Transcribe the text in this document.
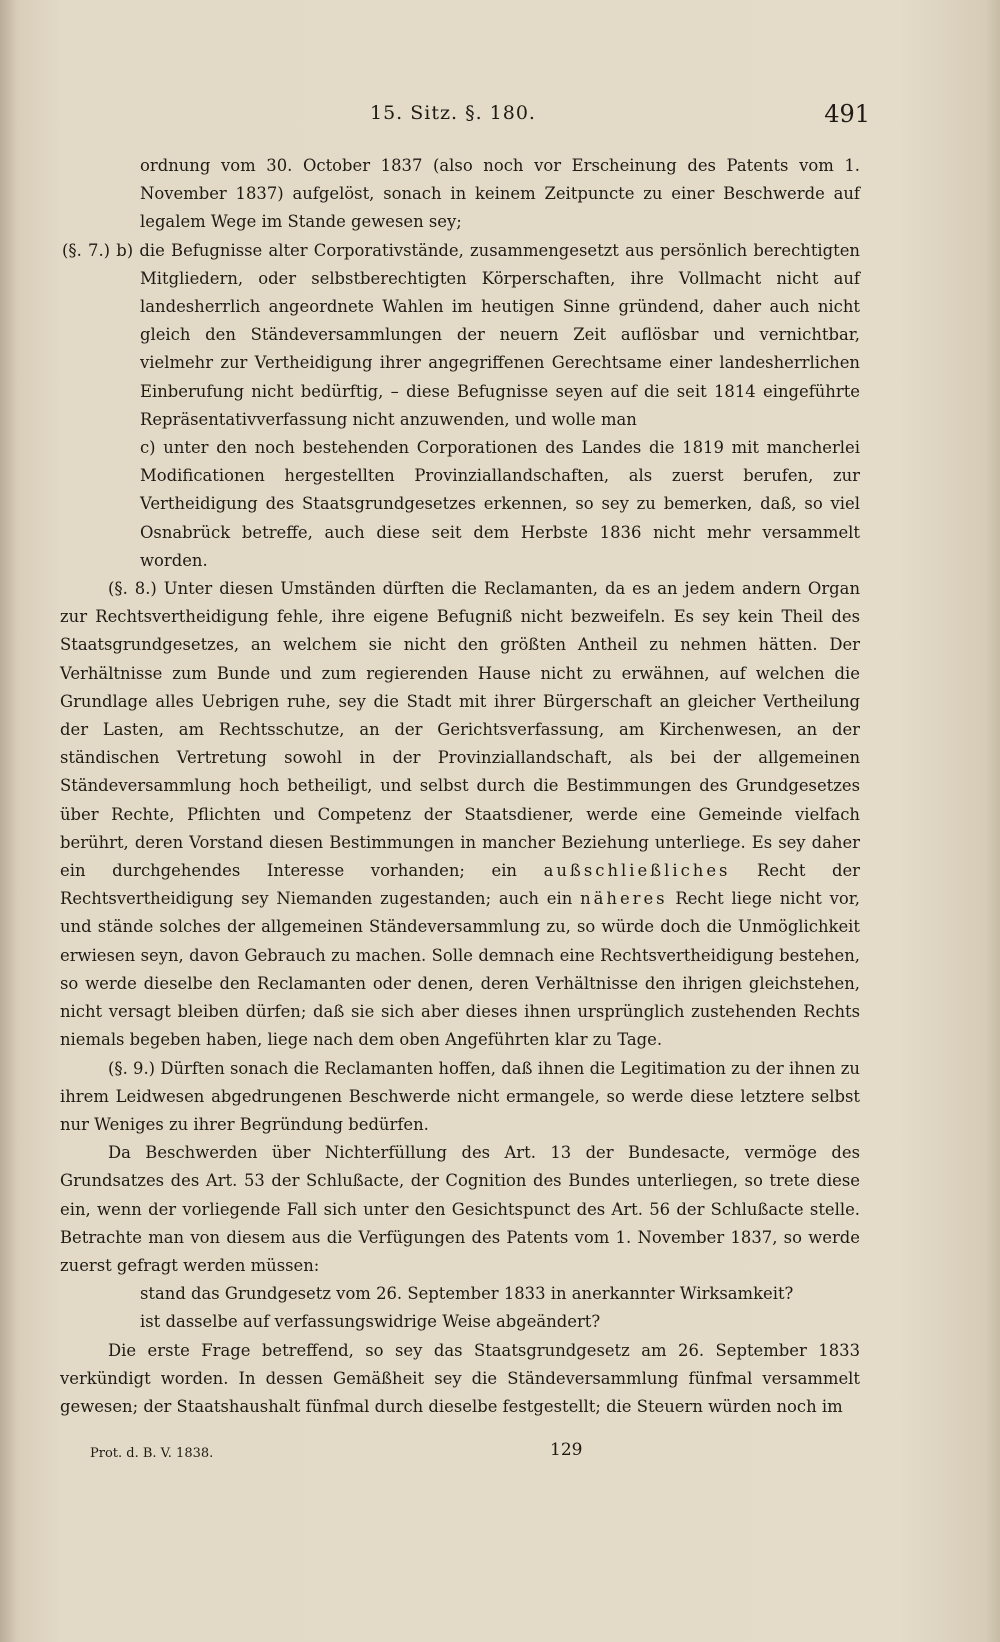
15. Sitz. §. 180.	491

ordnung vom 30. October 1837 (also noch vor Erscheinung des Patents vom 1. November 1837) aufgelöst, sonach in keinem Zeitpuncte zu einer Beschwerde auf legalem Wege im Stande gewesen sey;

(§. 7.) b) die Befugnisse alter Corporativstände, zusammengesetzt aus persönlich berechtigten Mitgliedern, oder selbstberechtigten Körperschaften, ihre Vollmacht nicht auf landesherrlich angeordnete Wahlen im heutigen Sinne gründend, daher auch nicht gleich den Ständeversammlungen der neuern Zeit auflösbar und vernichtbar, vielmehr zur Vertheidigung ihrer angegriffenen Gerechtsame einer landesherrlichen Einberufung nicht bedürftig, – diese Befugnisse seyen auf die seit 1814 eingeführte Repräsentativverfassung nicht anzuwenden, und wolle man

c) unter den noch bestehenden Corporationen des Landes die 1819 mit mancherlei Modificationen hergestellten Provinziallandschaften, als zuerst berufen, zur Vertheidigung des Staatsgrundgesetzes erkennen, so sey zu bemerken, daß, so viel Osnabrück betreffe, auch diese seit dem Herbste 1836 nicht mehr versammelt worden.

(§. 8.) Unter diesen Umständen dürften die Reclamanten, da es an jedem andern Organ zur Rechtsvertheidigung fehle, ihre eigene Befugniß nicht bezweifeln. Es sey kein Theil des Staatsgrundgesetzes, an welchem sie nicht den größten Antheil zu nehmen hätten. Der Verhältnisse zum Bunde und zum regierenden Hause nicht zu erwähnen, auf welchen die Grundlage alles Uebrigen ruhe, sey die Stadt mit ihrer Bürgerschaft an gleicher Vertheilung der Lasten, am Rechtsschutze, an der Gerichtsverfassung, am Kirchenwesen, an der ständischen Vertretung sowohl in der Provinziallandschaft, als bei der allgemeinen Ständeversammlung hoch betheiligt, und selbst durch die Bestimmungen des Grundgesetzes über Rechte, Pflichten und Competenz der Staatsdiener, werde eine Gemeinde vielfach berührt, deren Vorstand diesen Bestimmungen in mancher Beziehung unterliege. Es sey daher ein durchgehendes Interesse vorhanden; ein außschließliches Recht der Rechtsvertheidigung sey Niemanden zugestanden; auch ein näheres Recht liege nicht vor, und stände solches der allgemeinen Ständeversammlung zu, so würde doch die Unmöglichkeit erwiesen seyn, davon Gebrauch zu machen. Solle demnach eine Rechtsvertheidigung bestehen, so werde dieselbe den Reclamanten oder denen, deren Verhältnisse den ihrigen gleichstehen, nicht versagt bleiben dürfen; daß sie sich aber dieses ihnen ursprünglich zustehenden Rechts niemals begeben haben, liege nach dem oben Angeführten klar zu Tage.

(§. 9.) Dürften sonach die Reclamanten hoffen, daß ihnen die Legitimation zu der ihnen zu ihrem Leidwesen abgedrungenen Beschwerde nicht ermangele, so werde diese letztere selbst nur Weniges zu ihrer Begründung bedürfen.

Da Beschwerden über Nichterfüllung des Art. 13 der Bundesacte, vermöge des Grundsatzes des Art. 53 der Schlußacte, der Cognition des Bundes unterliegen, so trete diese ein, wenn der vorliegende Fall sich unter den Gesichtspunct des Art. 56 der Schlußacte stelle. Betrachte man von diesem aus die Verfügungen des Patents vom 1. November 1837, so werde zuerst gefragt werden müssen:

stand das Grundgesetz vom 26. September 1833 in anerkannter Wirksamkeit?

ist dasselbe auf verfassungswidrige Weise abgeändert?

Die erste Frage betreffend, so sey das Staatsgrundgesetz am 26. September 1833 verkündigt worden. In dessen Gemäßheit sey die Ständeversammlung fünfmal versammelt gewesen; der Staatshaushalt fünfmal durch dieselbe festgestellt; die Steuern würden noch im

Prot. d. B. V. 1838.	129
